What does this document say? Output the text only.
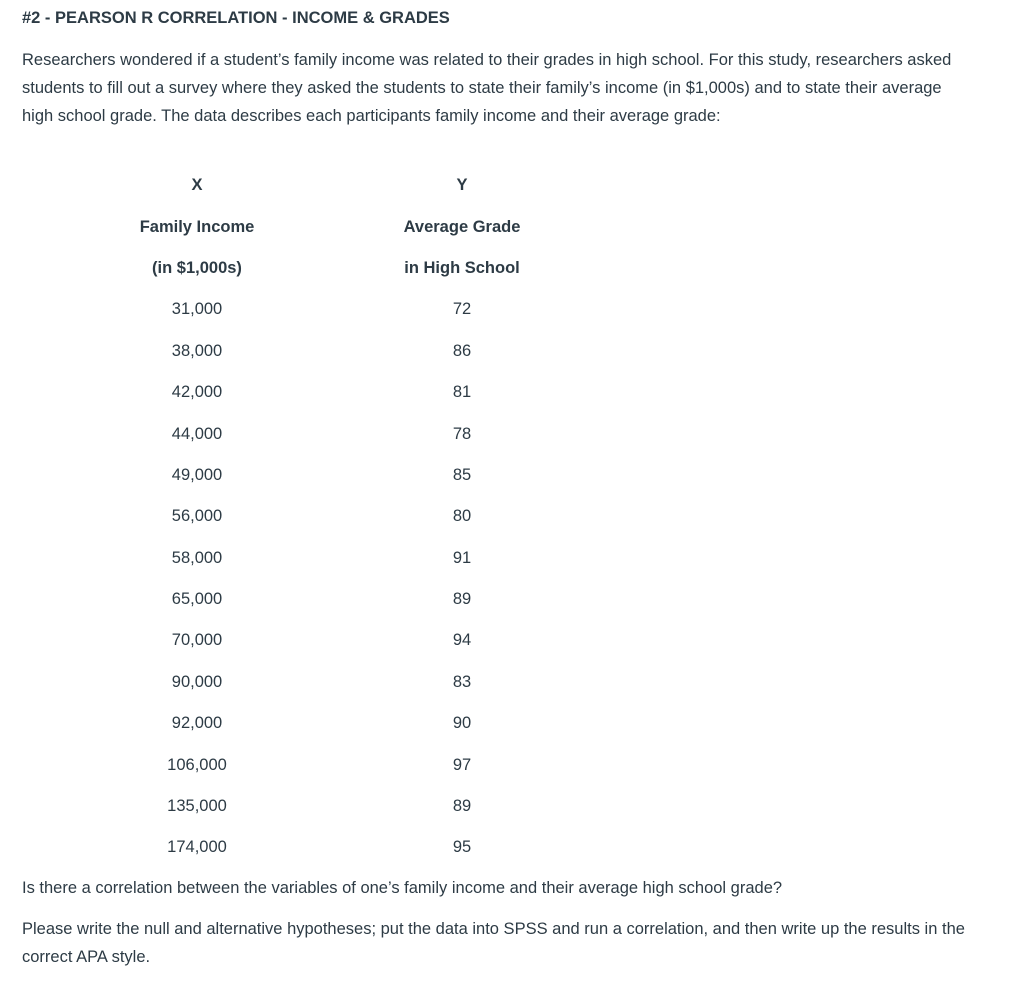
#2 - PEARSON R CORRELATION - INCOME & GRADES

Researchers wondered if a student’s family income was related to their grades in high school. For this study, researchers asked students to fill out a survey where they asked the students to state their family’s income (in $1,000s) and to state their average high school grade. The data describes each participants family income and their average grade:

X	Y
Family Income	Average Grade
(in $1,000s)	in High School
31,000	72
38,000	86
42,000	81
44,000	78
49,000	85
56,000	80
58,000	91
65,000	89
70,000	94
90,000	83
92,000	90
106,000	97
135,000	89
174,000	95

Is there a correlation between the variables of one’s family income and their average high school grade?

Please write the null and alternative hypotheses; put the data into SPSS and run a correlation, and then write up the results in the correct APA style.
